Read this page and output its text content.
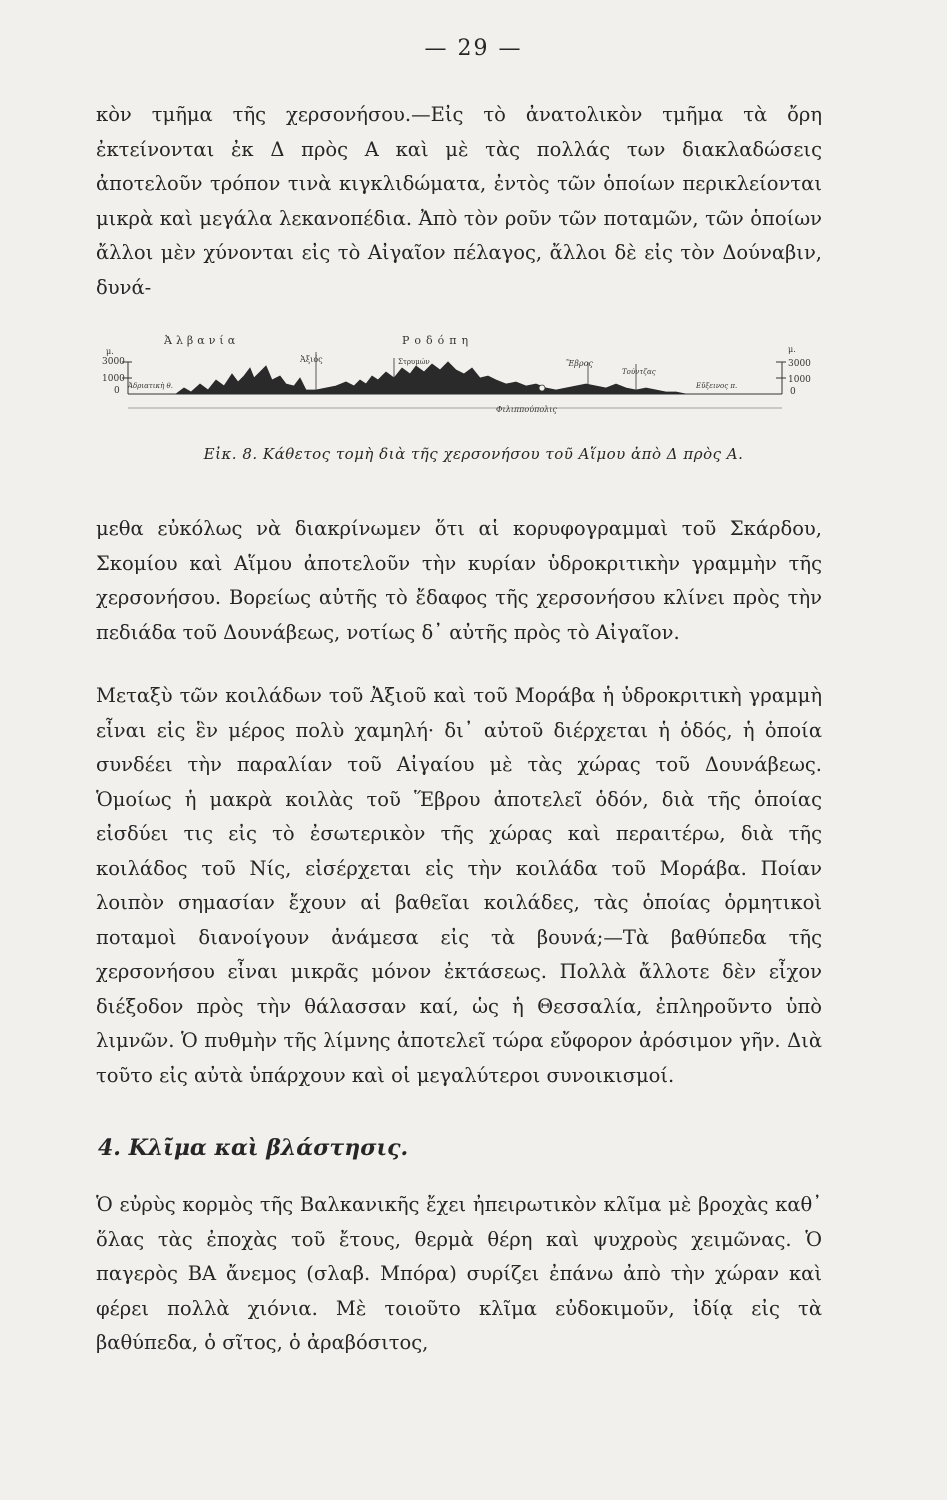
— 29 —

κὸν τμῆμα τῆς χερσονήσου.—Εἰς τὸ ἀνατολικὸν τμῆμα τὰ ὄρη ἐκτείνονται ἐκ Δ πρὸς Α καὶ μὲ τὰς πολλάς των διακλαδώσεις ἀποτελοῦν τρόπον τινὰ κιγκλιδώματα, ἐντὸς τῶν ὁποίων περικλείονται μικρὰ καὶ μεγάλα λεκανοπέδια. Ἀπὸ τὸν ροῦν τῶν ποταμῶν, τῶν ὁποίων ἄλλοι μὲν χύνονται εἰς τὸ Αἰγαῖον πέλαγος, ἄλλοι δὲ εἰς τὸν Δούναβιν, δυνά-

μ.
3000
1000
0
μ.
3000
1000
0
Ἀλβανία	Ροδόπη
Ἀξιός	Στρυμών	Ἕβρος
Τούντζας
Ἀδριατικὴ θ.	Εὔξεινος π.
Φιλιππούπολις
Εἰκ. 8. Κάθετος τομὴ διὰ τῆς χερσονήσου τοῦ Αἵμου ἀπὸ Δ πρὸς Α.

μεθα εὐκόλως νὰ διακρίνωμεν ὅτι αἱ κορυφογραμμαὶ τοῦ Σκάρδου, Σκομίου καὶ Αἵμου ἀποτελοῦν τὴν κυρίαν ὑδροκριτικὴν γραμμὴν τῆς χερσονήσου. Βορείως αὐτῆς τὸ ἔδαφος τῆς χερσονήσου κλίνει πρὸς τὴν πεδιάδα τοῦ Δουνάβεως, νοτίως δ᾽ αὐτῆς πρὸς τὸ Αἰγαῖον.

Μεταξὺ τῶν κοιλάδων τοῦ Ἀξιοῦ καὶ τοῦ Μοράβα ἡ ὑδροκριτικὴ γραμμὴ εἶναι εἰς ἓν μέρος πολὺ χαμηλή· δι᾽ αὐτοῦ διέρχεται ἡ ὁδός, ἡ ὁποία συνδέει τὴν παραλίαν τοῦ Αἰγαίου μὲ τὰς χώρας τοῦ Δουνάβεως. Ὁμοίως ἡ μακρὰ κοιλὰς τοῦ Ἕβρου ἀποτελεῖ ὁδόν, διὰ τῆς ὁποίας εἰσδύει τις εἰς τὸ ἐσωτερικὸν τῆς χώρας καὶ περαιτέρω, διὰ τῆς κοιλάδος τοῦ Νίς, εἰσέρχεται εἰς τὴν κοιλάδα τοῦ Μοράβα. Ποίαν λοιπὸν σημασίαν ἔχουν αἱ βαθεῖαι κοιλάδες, τὰς ὁποίας ὁρμητικοὶ ποταμοὶ διανοίγουν ἀνάμεσα εἰς τὰ βουνά;—Τὰ βαθύπεδα τῆς χερσονήσου εἶναι μικρᾶς μόνον ἐκτάσεως. Πολλὰ ἄλλοτε δὲν εἶχον διέξοδον πρὸς τὴν θάλασσαν καί, ὡς ἡ Θεσσαλία, ἐπληροῦντο ὑπὸ λιμνῶν. Ὁ πυθμὴν τῆς λίμνης ἀποτελεῖ τώρα εὔφορον ἀρόσιμον γῆν. Διὰ τοῦτο εἰς αὐτὰ ὑπάρχουν καὶ οἱ μεγαλύτεροι συνοικισμοί.

4. Κλῖμα καὶ βλάστησις.

Ὁ εὐρὺς κορμὸς τῆς Βαλκανικῆς ἔχει ἠπειρωτικὸν κλῖμα μὲ βροχὰς καθ᾽ ὅλας τὰς ἐποχὰς τοῦ ἔτους, θερμὰ θέρη καὶ ψυχροὺς χειμῶνας. Ὁ παγερὸς ΒΑ ἄνεμος (σλαβ. Μπόρα) συρίζει ἐπάνω ἀπὸ τὴν χώραν καὶ φέρει πολλὰ χιόνια. Μὲ τοιοῦτο κλῖμα εὐδοκιμοῦν, ἰδίᾳ εἰς τὰ βαθύπεδα, ὁ σῖτος, ὁ ἀραβόσιτος,
